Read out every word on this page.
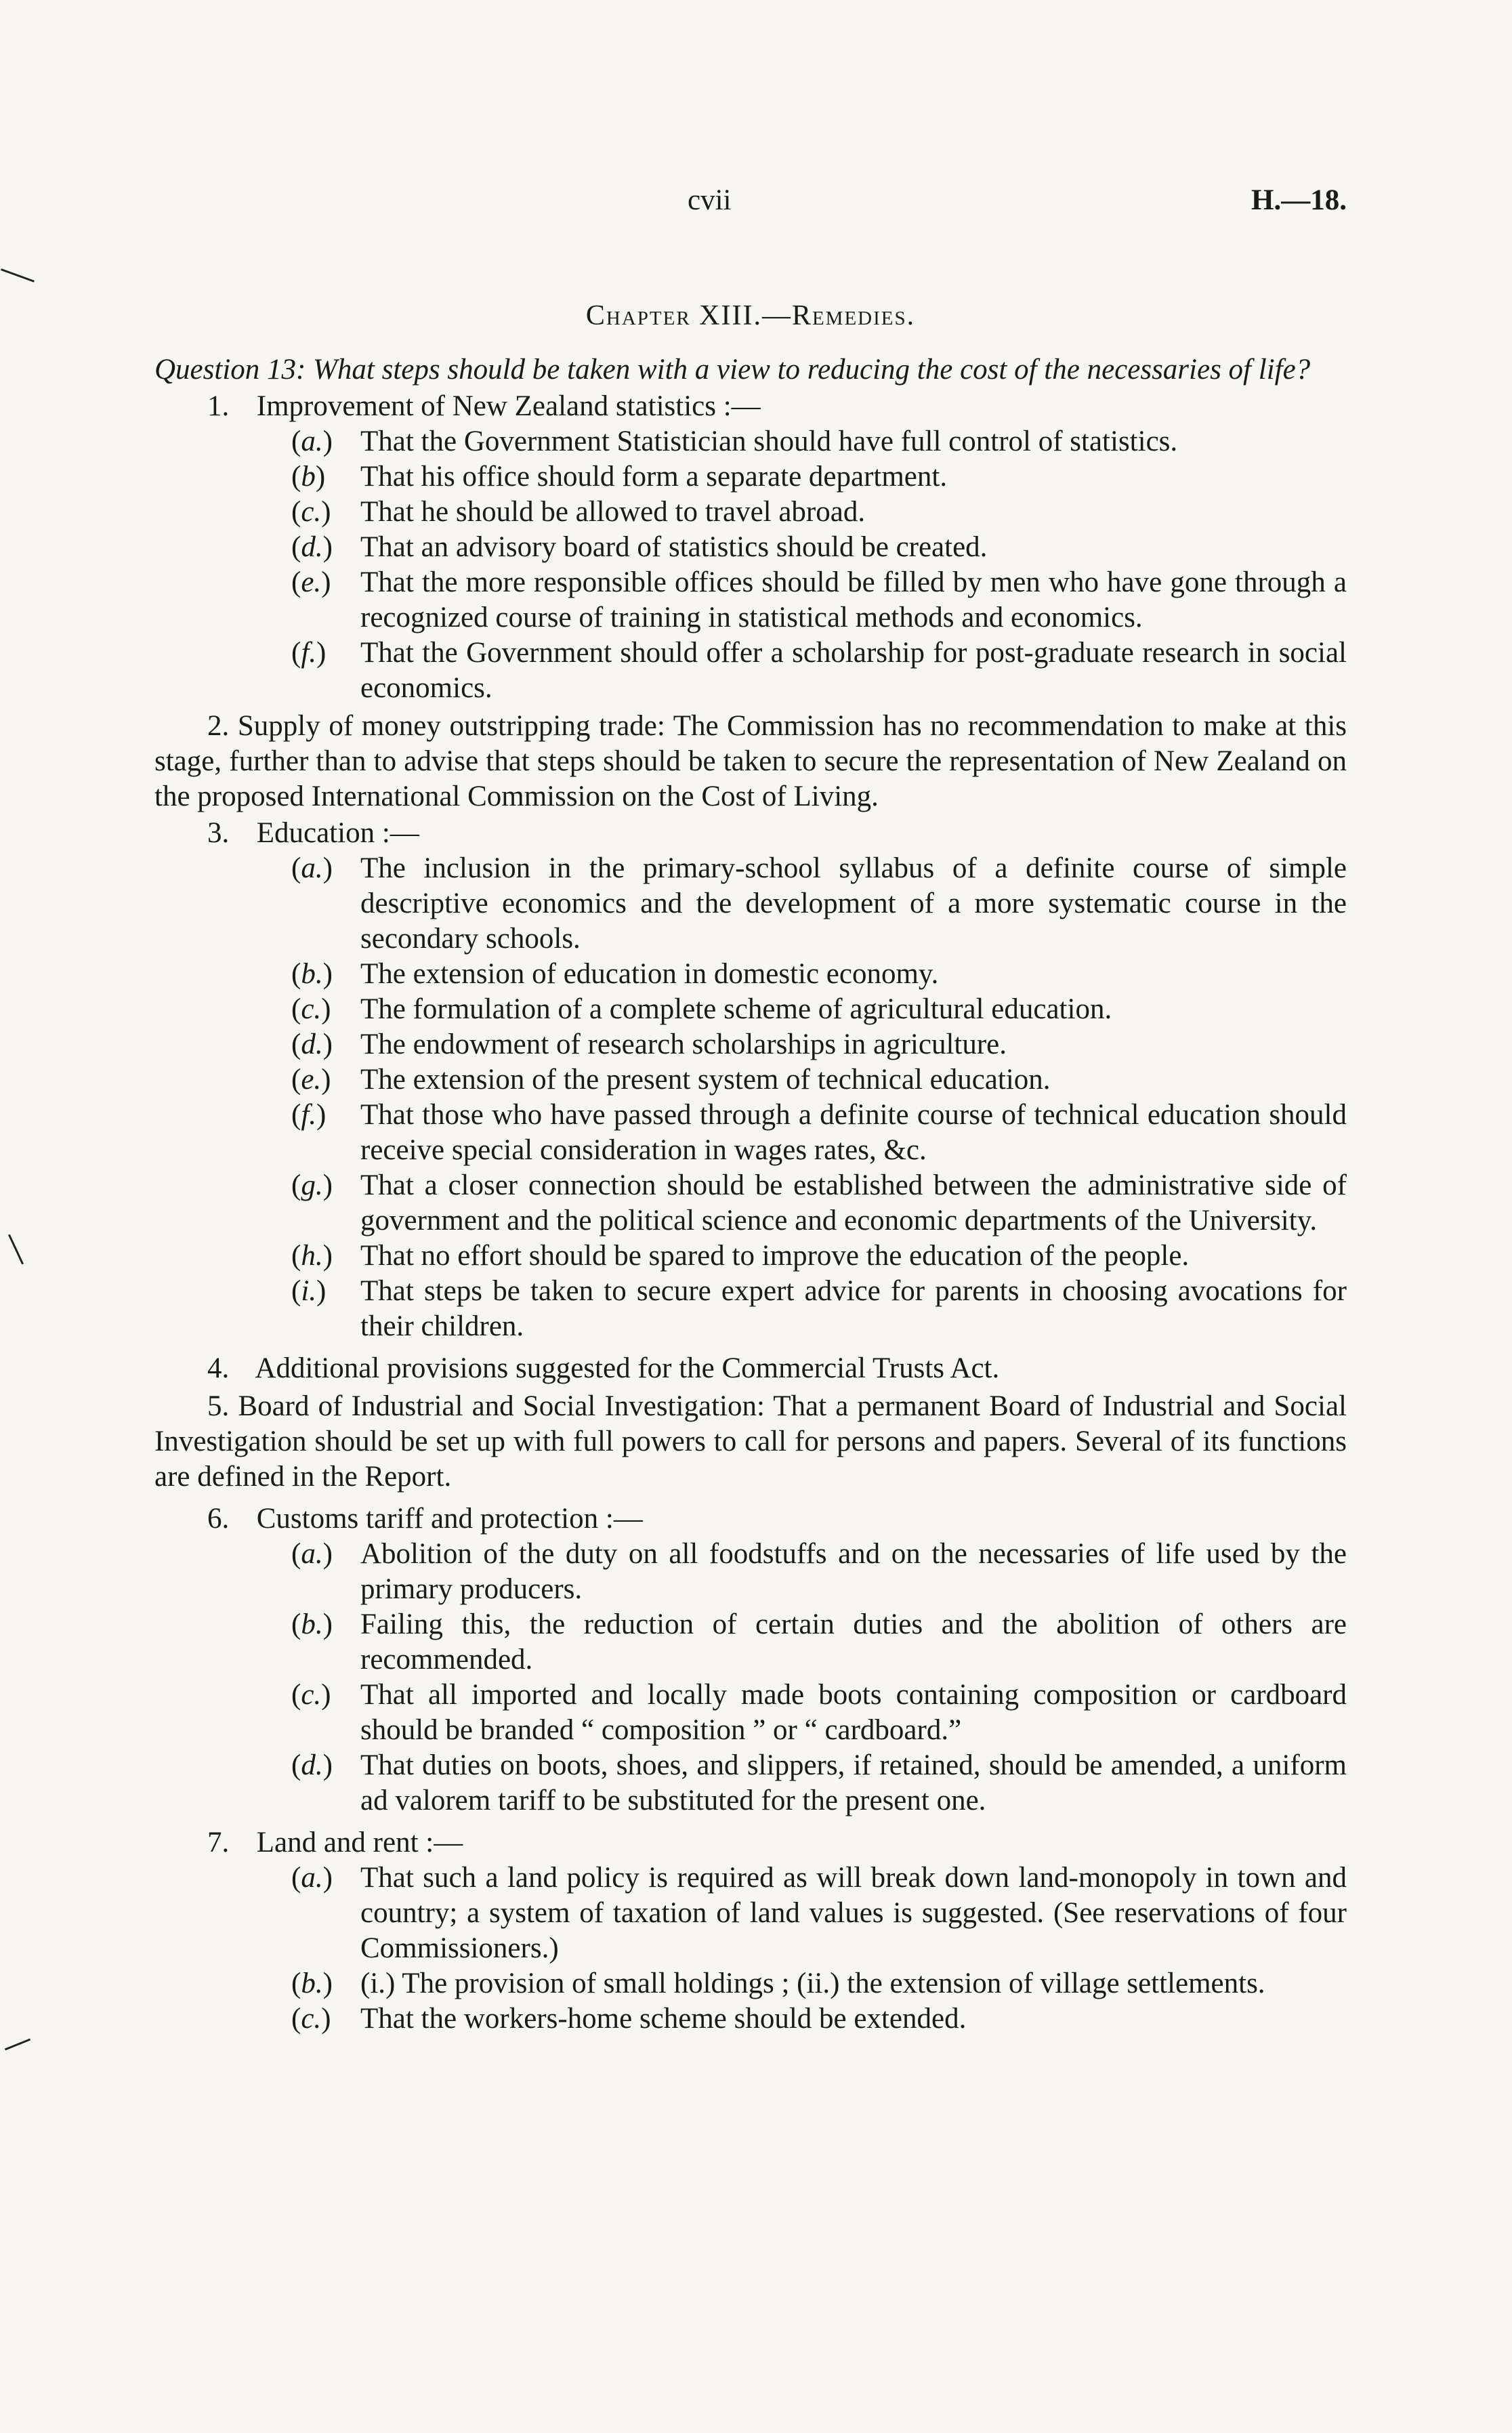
cvii	H.—18.
Chapter XIII.—Remedies.
Question 13: What steps should be taken with a view to reducing the cost of the necessaries of life?
1. Improvement of New Zealand statistics :—
(a.) That the Government Statistician should have full control of statistics.
(b) That his office should form a separate department.
(c.) That he should be allowed to travel abroad.
(d.) That an advisory board of statistics should be created.
(e.) That the more responsible offices should be filled by men who have gone through a recognized course of training in statistical methods and economics.
(f.) That the Government should offer a scholarship for post-graduate research in social economics.
2. Supply of money outstripping trade: The Commission has no recommendation to make at this stage, further than to advise that steps should be taken to secure the representation of New Zealand on the proposed International Commission on the Cost of Living.
3. Education :—
(a.) The inclusion in the primary-school syllabus of a definite course of simple descriptive economics and the development of a more systematic course in the secondary schools.
(b.) The extension of education in domestic economy.
(c.) The formulation of a complete scheme of agricultural education.
(d.) The endowment of research scholarships in agriculture.
(e.) The extension of the present system of technical education.
(f.) That those who have passed through a definite course of technical education should receive special consideration in wages rates, &c.
(g.) That a closer connection should be established between the administrative side of government and the political science and economic departments of the University.
(h.) That no effort should be spared to improve the education of the people.
(i.) That steps be taken to secure expert advice for parents in choosing avocations for their children.
4. Additional provisions suggested for the Commercial Trusts Act.
5. Board of Industrial and Social Investigation: That a permanent Board of Industrial and Social Investigation should be set up with full powers to call for persons and papers. Several of its functions are defined in the Report.
6. Customs tariff and protection :—
(a.) Abolition of the duty on all foodstuffs and on the necessaries of life used by the primary producers.
(b.) Failing this, the reduction of certain duties and the abolition of others are recommended.
(c.) That all imported and locally made boots containing composition or cardboard should be branded “ composition ” or “ cardboard.”
(d.) That duties on boots, shoes, and slippers, if retained, should be amended, a uniform ad valorem tariff to be substituted for the present one.
7. Land and rent :—
(a.) That such a land policy is required as will break down land-monopoly in town and country; a system of taxation of land values is suggested. (See reservations of four Commissioners.)
(b.) (i.) The provision of small holdings ; (ii.) the extension of village settlements.
(c.) That the workers-home scheme should be extended.
